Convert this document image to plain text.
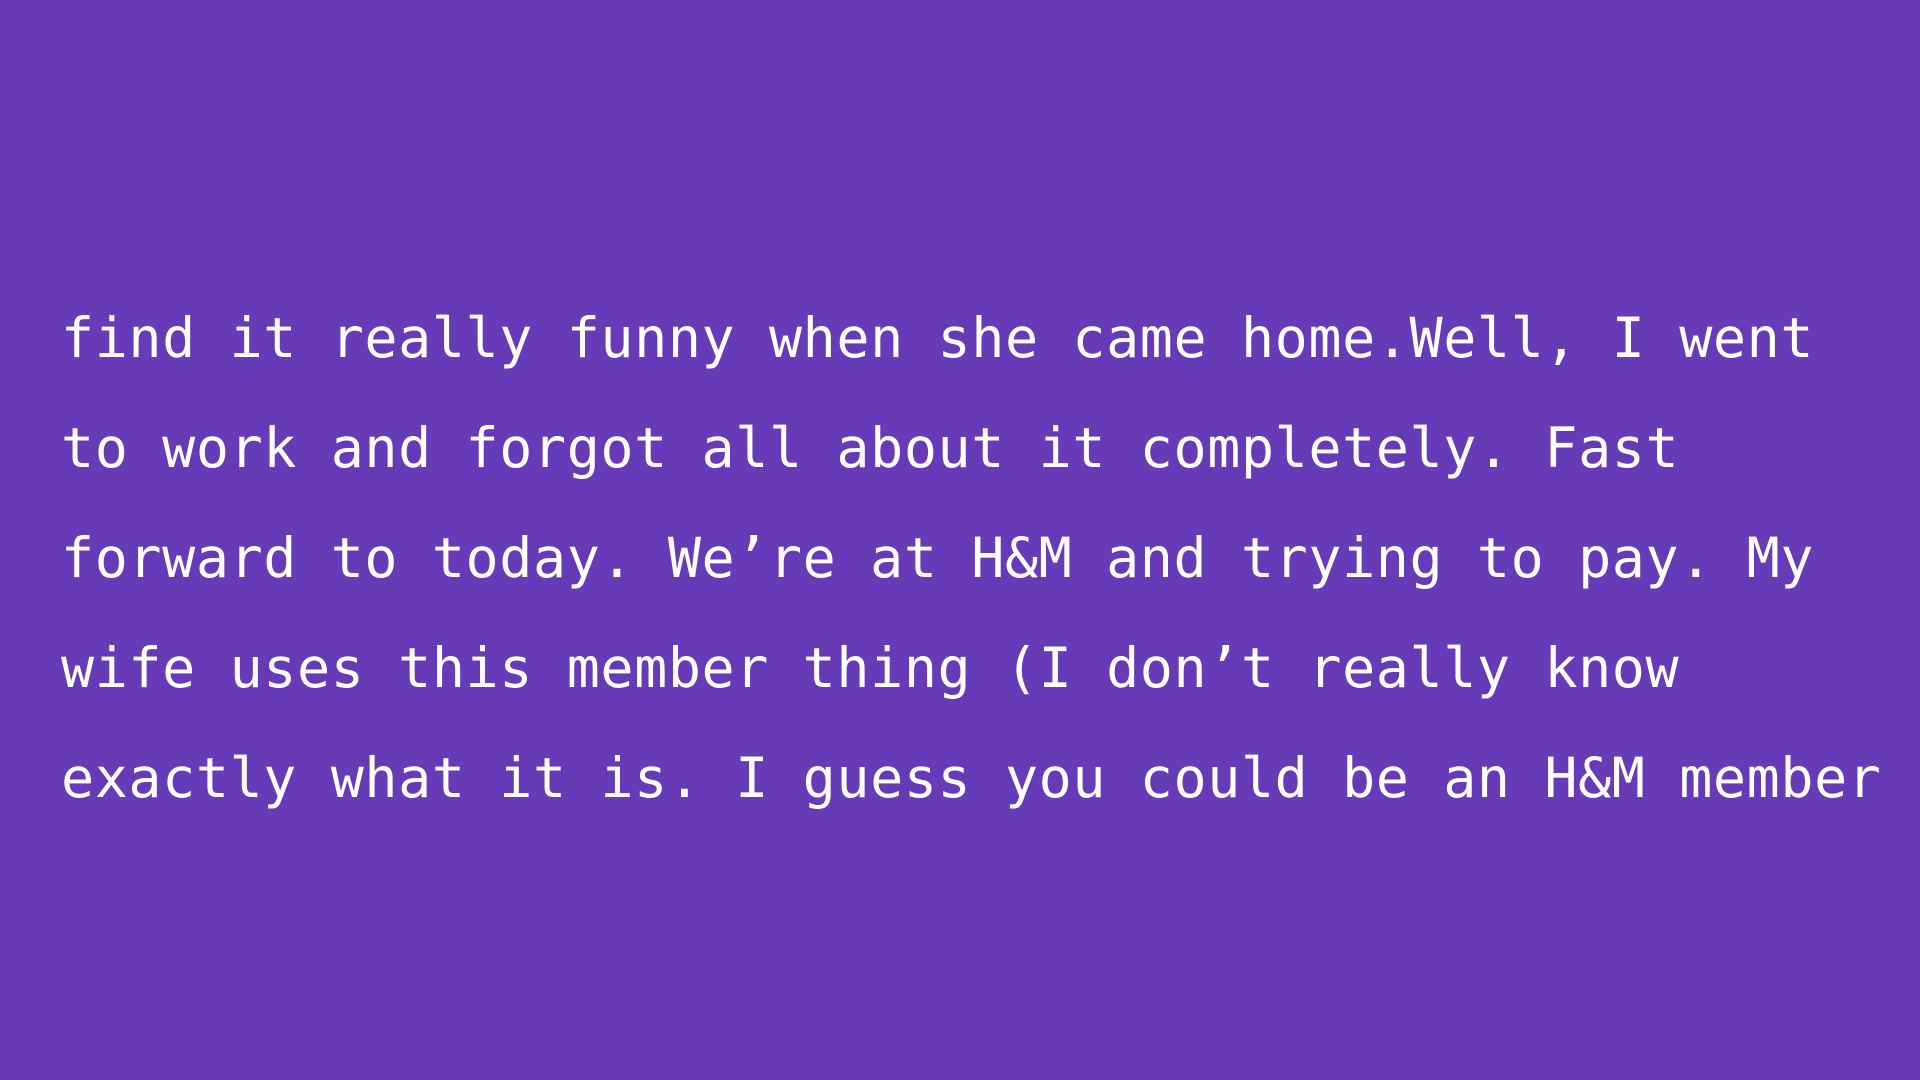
find it really funny when she came home.Well, I went
to work and forgot all about it completely. Fast
forward to today. We’re at H&M and trying to pay. My
wife uses this member thing (I don’t really know
exactly what it is. I guess you could be an H&M member
